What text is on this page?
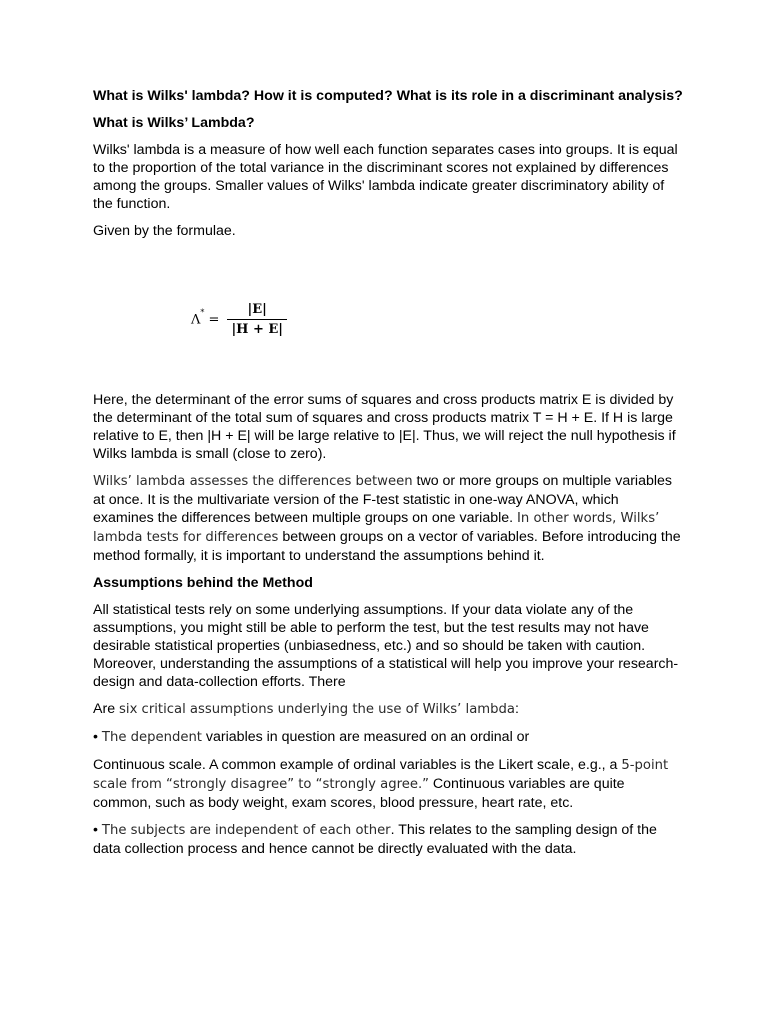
What is Wilks' lambda? How it is computed? What is its role in a discriminant analysis?

What is Wilks’ Lambda?

Wilks' lambda is a measure of how well each function separates cases into groups. It is equal to the proportion of the total variance in the discriminant scores not explained by differences among the groups. Smaller values of Wilks' lambda indicate greater discriminatory ability of the function.

Given by the formulae.

$\Lambda^* = \frac{|E|}{|H + E|}$

Here, the determinant of the error sums of squares and cross products matrix E is divided by the determinant of the total sum of squares and cross products matrix T = H + E. If H is large relative to E, then |H + E| will be large relative to |E|. Thus, we will reject the null hypothesis if Wilks lambda is small (close to zero).

Wilks’ lambda assesses the differences between two or more groups on multiple variables at once. It is the multivariate version of the F-test statistic in one-way ANOVA, which examines the differences between multiple groups on one variable. In other words, Wilks’ lambda tests for differences between groups on a vector of variables. Before introducing the method formally, it is important to understand the assumptions behind it.

Assumptions behind the Method

All statistical tests rely on some underlying assumptions. If your data violate any of the assumptions, you might still be able to perform the test, but the test results may not have desirable statistical properties (unbiasedness, etc.) and so should be taken with caution. Moreover, understanding the assumptions of a statistical will help you improve your research-design and data-collection efforts. There

Are six critical assumptions underlying the use of Wilks’ lambda:

• The dependent variables in question are measured on an ordinal or

Continuous scale. A common example of ordinal variables is the Likert scale, e.g., a 5-point scale from “strongly disagree” to “strongly agree.” Continuous variables are quite common, such as body weight, exam scores, blood pressure, heart rate, etc.

• The subjects are independent of each other. This relates to the sampling design of the data collection process and hence cannot be directly evaluated with the data.
